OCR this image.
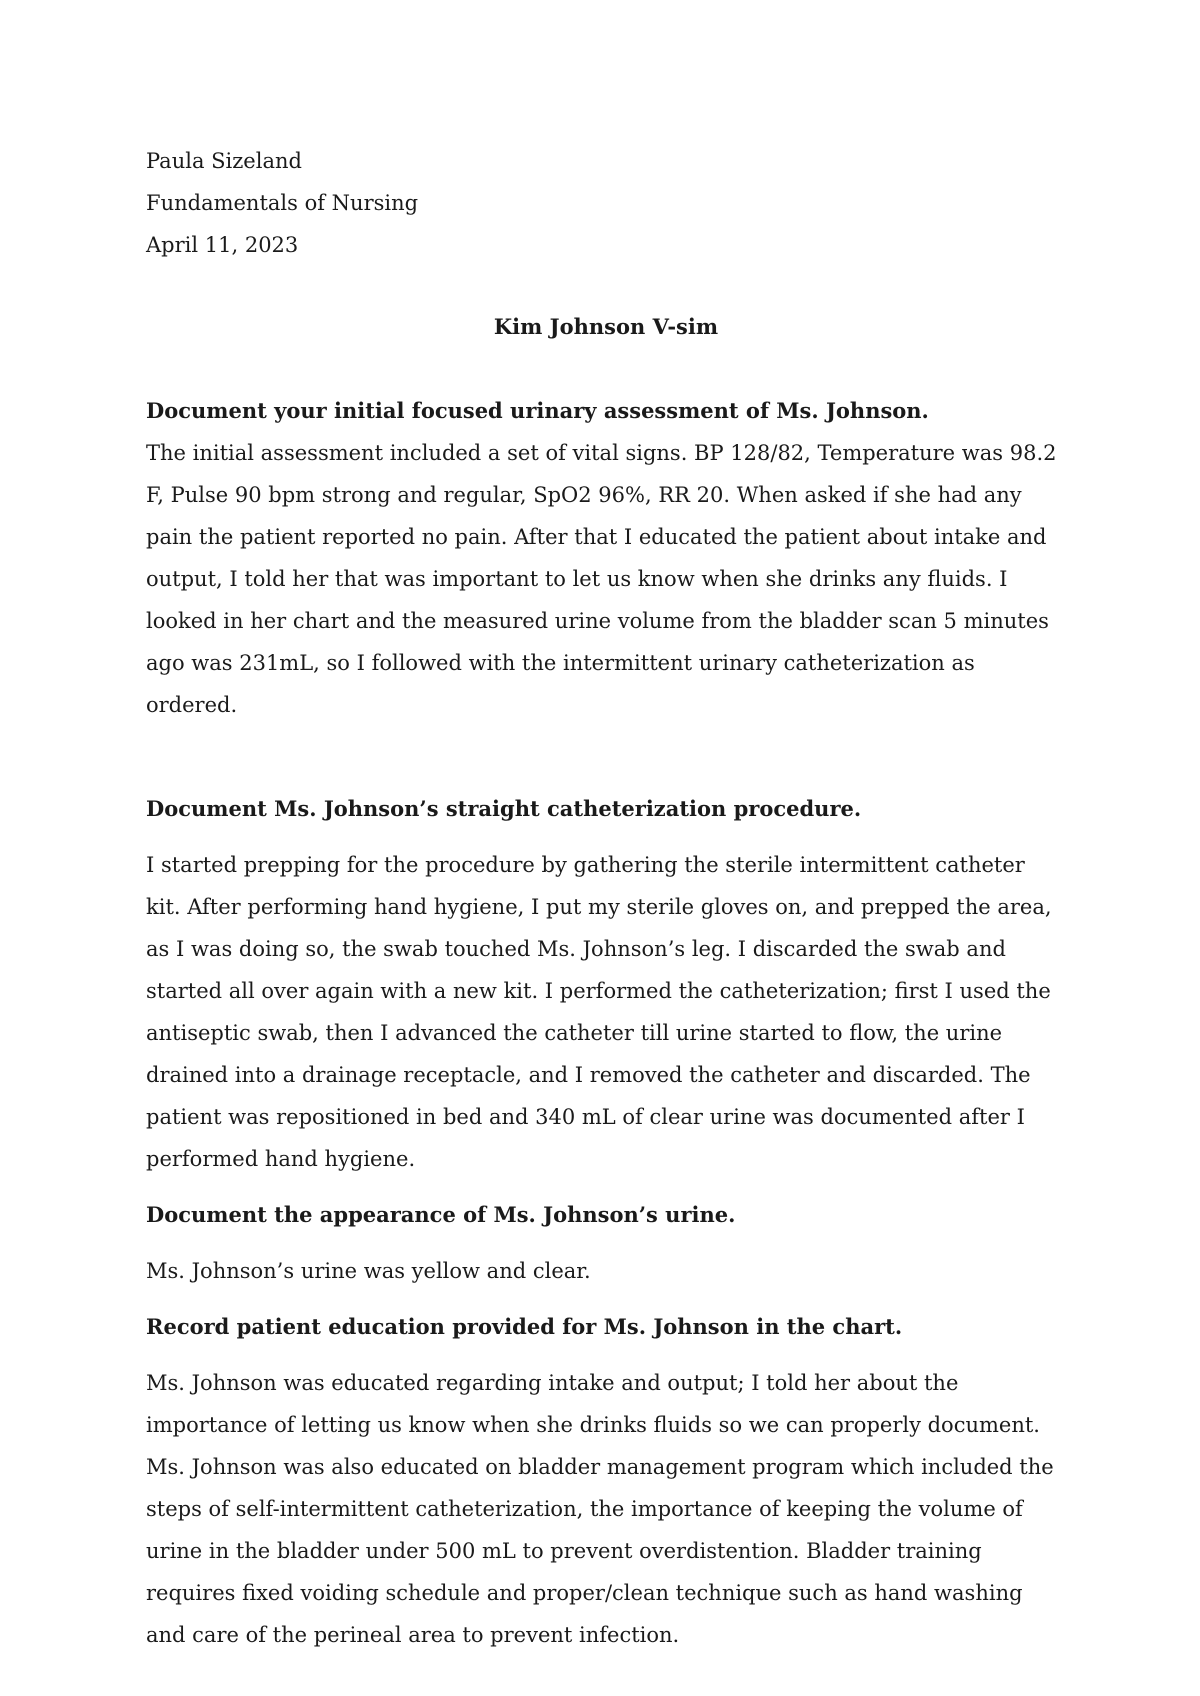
Paula Sizeland

Fundamentals of Nursing

April 11, 2023

Kim Johnson V-sim
Document your initial focused urinary assessment of Ms. Johnson.

The initial assessment included a set of vital signs. BP 128/82, Temperature was 98.2 F, Pulse 90 bpm strong and regular, SpO2 96%, RR 20. When asked if she had any pain the patient reported no pain. After that I educated the patient about intake and output, I told her that was important to let us know when she drinks any fluids. I looked in her chart and the measured urine volume from the bladder scan 5 minutes ago was 231mL, so I followed with the intermittent urinary catheterization as ordered.

Document Ms. Johnson’s straight catheterization procedure.

I started prepping for the procedure by gathering the sterile intermittent catheter kit. After performing hand hygiene, I put my sterile gloves on, and prepped the area, as I was doing so, the swab touched Ms. Johnson’s leg. I discarded the swab and started all over again with a new kit. I performed the catheterization; first I used the antiseptic swab, then I advanced the catheter till urine started to flow, the urine drained into a drainage receptacle, and I removed the catheter and discarded. The patient was repositioned in bed and 340 mL of clear urine was documented after I performed hand hygiene.

Document the appearance of Ms. Johnson’s urine.

Ms. Johnson’s urine was yellow and clear.

Record patient education provided for Ms. Johnson in the chart.

Ms. Johnson was educated regarding intake and output; I told her about the importance of letting us know when she drinks fluids so we can properly document. Ms. Johnson was also educated on bladder management program which included the steps of self-intermittent catheterization, the importance of keeping the volume of urine in the bladder under 500 mL to prevent overdistention. Bladder training requires fixed voiding schedule and proper/clean technique such as hand washing and care of the perineal area to prevent infection.
